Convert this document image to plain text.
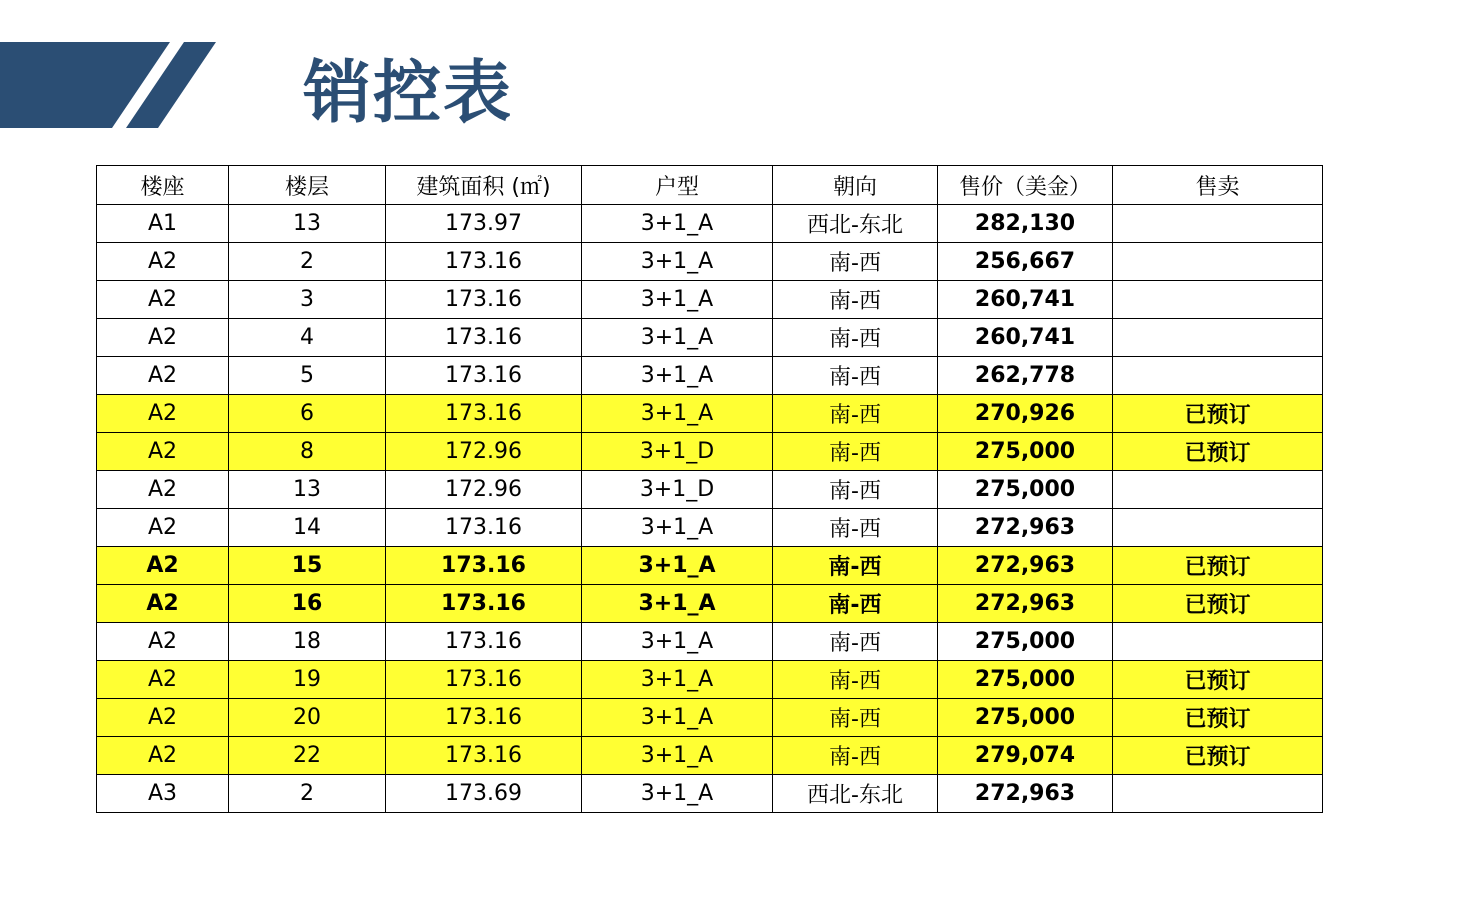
销控表
楼座	楼层	建筑面积 (㎡)	户型	朝向	售价（美金）	售卖
A1	13	173.97	3+1_A	西北-东北	282,130	
A2	2	173.16	3+1_A	南-西	256,667	
A2	3	173.16	3+1_A	南-西	260,741	
A2	4	173.16	3+1_A	南-西	260,741	
A2	5	173.16	3+1_A	南-西	262,778	
A2	6	173.16	3+1_A	南-西	270,926	已预订
A2	8	172.96	3+1_D	南-西	275,000	已预订
A2	13	172.96	3+1_D	南-西	275,000	
A2	14	173.16	3+1_A	南-西	272,963	
A2	15	173.16	3+1_A	南-西	272,963	已预订
A2	16	173.16	3+1_A	南-西	272,963	已预订
A2	18	173.16	3+1_A	南-西	275,000	
A2	19	173.16	3+1_A	南-西	275,000	已预订
A2	20	173.16	3+1_A	南-西	275,000	已预订
A2	22	173.16	3+1_A	南-西	279,074	已预订
A3	2	173.69	3+1_A	西北-东北	272,963	
